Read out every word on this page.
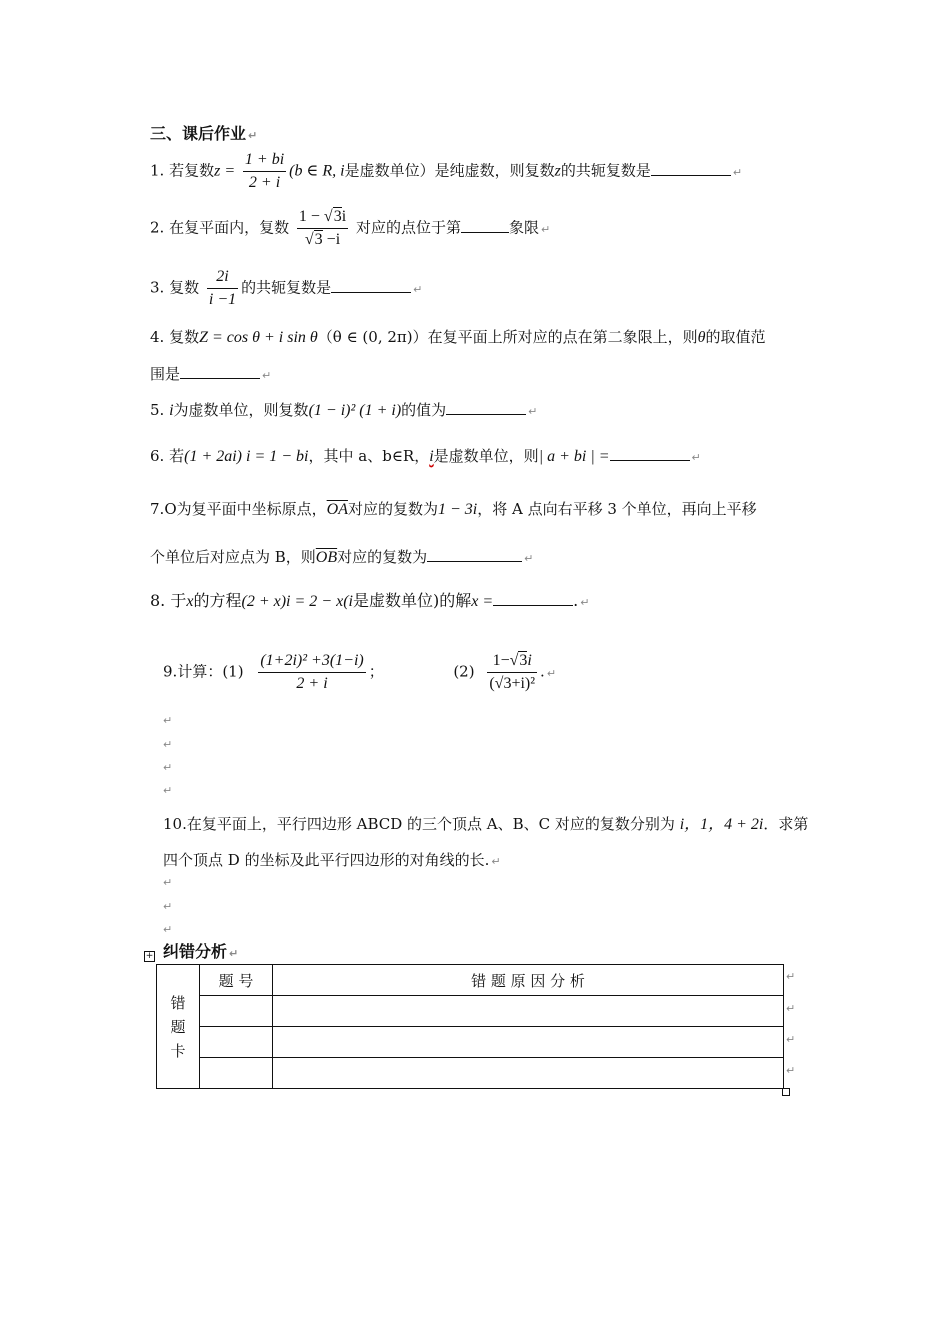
三、课后作业 ↵
1. 若复数$z = \frac{1 + bi}{2 + i} (b$ ∈ R, i是虚数单位）是纯虚数，则复数z的共轭复数是	↵
2. 在复平面内，复数 $\frac{1 - √3i}{√3 -i}$ 对应的点位于第	象限 ↵
3. 复数 $\frac{2i}{i -1}$ 的共轭复数是	↵
4. 复数Z = cos θ + i sin θ（θ ∈ (0, 2π)）在复平面上所对应的点在第二象限上，则θ的取值范
围是	↵
5. i为虚数单位，则复数(1 − i)² (1 + i)的值为	↵
6. 若(1 + 2ai) i = 1 − bi，其中 a、b∈R，i是虚数单位，则| a + bi | =	↵
7.O为复平面中坐标原点，$\overline{OA}$对应的复数为1 − 3i，将 A 点向右平移 3 个单位，再向上平移
个单位后对应点为 B，则$\overline{OB}$对应的复数为	↵
8. 于x的方程(2 + x)i = 2 − x(i是虚数单位)的解x =	. ↵
9.计算：$(1) \frac{\text{(1+2i)² +3(1−i)}}{2 + i}$ ；	$(2) \frac{1-√3i}{\text{(√3+i)²}}$ . ↵
↵
↵
↵
↵
10.在复平面上，平行四边形 ABCD 的三个顶点 A、B、C 对应的复数分别为 i，1，4 + 2i．求第
四个顶点 D 的坐标及此平行四边形的对角线的长. ↵
↵
↵
↵
+ 纠错分析 ↵
错 题 卡	题 号	错 题 原 因 分 析

		↵
↵
↵
↵
